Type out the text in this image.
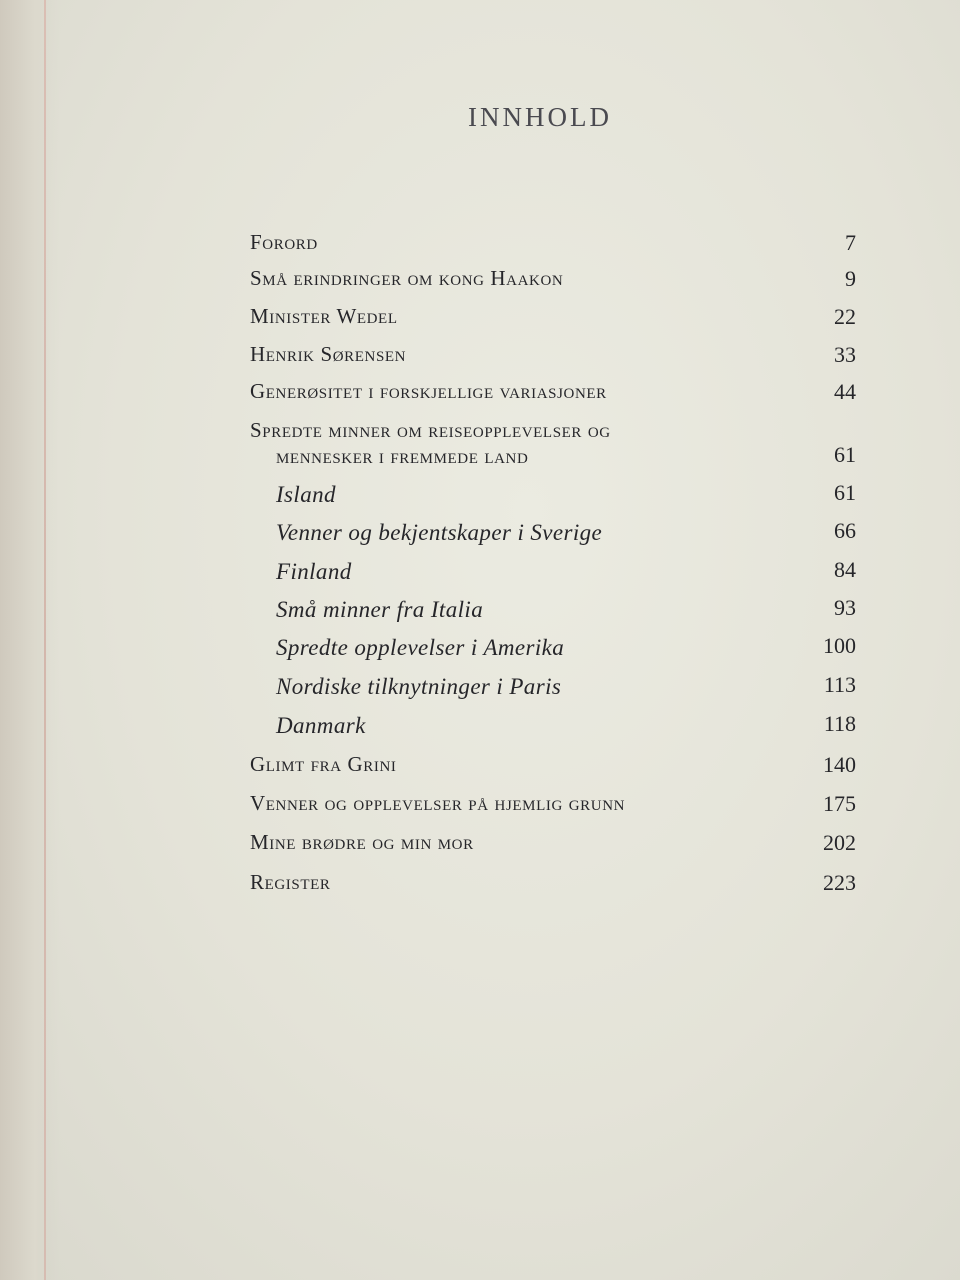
INNHOLD
Forord	7
Små erindringer om kong Haakon	9
Minister Wedel	22
Henrik Sørensen	33
Generøsitet i forskjellige variasjoner	44
Spredte minner om reiseopplevelser og
mennesker i fremmede land	61
Island	61
Venner og bekjentskaper i Sverige	66
Finland	84
Små minner fra Italia	93
Spredte opplevelser i Amerika	100
Nordiske tilknytninger i Paris	113
Danmark	118
Glimt fra Grini	140
Venner og opplevelser på hjemlig grunn	175
Mine brødre og min mor	202
Register	223
